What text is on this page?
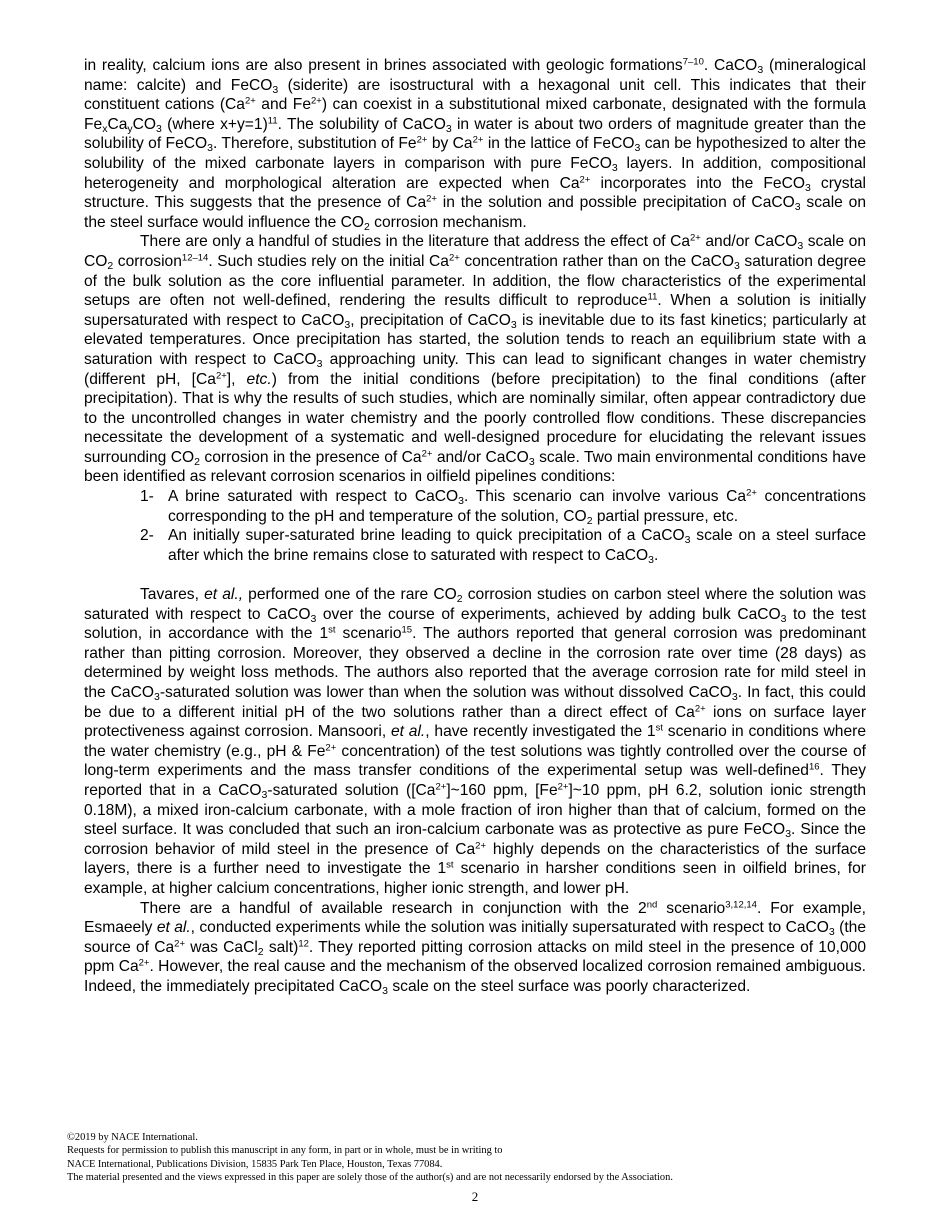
in reality, calcium ions are also present in brines associated with geologic formations$^{7-10}$. CaCO$_3$ (mineralogical name: calcite) and FeCO$_3$ (siderite) are isostructural with a hexagonal unit cell. This indicates that their constituent cations ($Ca^{2+}$ and $Fe^{2+}$) can coexist in a substitutional mixed carbonate, designated with the formula $Fe_xCa_yCO_3$ (where x+y=1)$^{11}$. The solubility of CaCO$_3$ in water is about two orders of magnitude greater than the solubility of FeCO$_3$. Therefore, substitution of $Fe^{2+}$ by $Ca^{2+}$ in the lattice of FeCO$_3$ can be hypothesized to alter the solubility of the mixed carbonate layers in comparison with pure FeCO$_3$ layers. In addition, compositional heterogeneity and morphological alteration are expected when $Ca^{2+}$ incorporates into the FeCO$_3$ crystal structure. This suggests that the presence of $Ca^{2+}$ in the solution and possible precipitation of CaCO$_3$ scale on the steel surface would influence the $CO_2$ corrosion mechanism.

There are only a handful of studies in the literature that address the effect of $Ca^{2+}$ and/or CaCO$_3$ scale on $CO_2$ corrosion$^{12-14}$. Such studies rely on the initial $Ca^{2+}$ concentration rather than on the CaCO$_3$ saturation degree of the bulk solution as the core influential parameter. In addition, the flow characteristics of the experimental setups are often not well-defined, rendering the results difficult to reproduce$^{11}$. When a solution is initially supersaturated with respect to CaCO$_3$, precipitation of CaCO$_3$ is inevitable due to its fast kinetics; particularly at elevated temperatures. Once precipitation has started, the solution tends to reach an equilibrium state with a saturation with respect to CaCO$_3$ approaching unity. This can lead to significant changes in water chemistry (different pH, $[Ca^{2+}]$, etc.) from the initial conditions (before precipitation) to the final conditions (after precipitation). That is why the results of such studies, which are nominally similar, often appear contradictory due to the uncontrolled changes in water chemistry and the poorly controlled flow conditions. These discrepancies necessitate the development of a systematic and well-designed procedure for elucidating the relevant issues surrounding $CO_2$ corrosion in the presence of $Ca^{2+}$ and/or CaCO$_3$ scale. Two main environmental conditions have been identified as relevant corrosion scenarios in oilfield pipelines conditions:

1- A brine saturated with respect to CaCO$_3$. This scenario can involve various $Ca^{2+}$ concentrations corresponding to the pH and temperature of the solution, $CO_2$ partial pressure, etc.
2- An initially super-saturated brine leading to quick precipitation of a CaCO$_3$ scale on a steel surface after which the brine remains close to saturated with respect to CaCO$_3$.

Tavares, et al., performed one of the rare $CO_2$ corrosion studies on carbon steel where the solution was saturated with respect to CaCO$_3$ over the course of experiments, achieved by adding bulk CaCO$_3$ to the test solution, in accordance with the 1st scenario$^{15}$. The authors reported that general corrosion was predominant rather than pitting corrosion. Moreover, they observed a decline in the corrosion rate over time (28 days) as determined by weight loss methods. The authors also reported that the average corrosion rate for mild steel in the CaCO$_3$-saturated solution was lower than when the solution was without dissolved CaCO$_3$. In fact, this could be due to a different initial pH of the two solutions rather than a direct effect of $Ca^{2+}$ ions on surface layer protectiveness against corrosion. Mansoori, et al., have recently investigated the 1st scenario in conditions where the water chemistry (e.g., pH & $Fe^{2+}$ concentration) of the test solutions was tightly controlled over the course of long-term experiments and the mass transfer conditions of the experimental setup was well-defined$^{16}$. They reported that in a CaCO$_3$-saturated solution ($[Ca^{2+}]\sim 160$ ppm, $[Fe^{2+}]\sim 10$ ppm, pH 6.2, solution ionic strength 0.18M), a mixed iron-calcium carbonate, with a mole fraction of iron higher than that of calcium, formed on the steel surface. It was concluded that such an iron-calcium carbonate was as protective as pure FeCO$_3$. Since the corrosion behavior of mild steel in the presence of $Ca^{2+}$ highly depends on the characteristics of the surface layers, there is a further need to investigate the 1st scenario in harsher conditions seen in oilfield brines, for example, at higher calcium concentrations, higher ionic strength, and lower pH.

There are a handful of available research in conjunction with the 2nd scenario$^{3,12,14}$. For example, Esmaeely et al., conducted experiments while the solution was initially supersaturated with respect to CaCO$_3$ (the source of $Ca^{2+}$ was CaCl$_2$ salt)$^{12}$. They reported pitting corrosion attacks on mild steel in the presence of 10,000 ppm $Ca^{2+}$. However, the real cause and the mechanism of the observed localized corrosion remained ambiguous. Indeed, the immediately precipitated CaCO$_3$ scale on the steel surface was poorly characterized.

©2019 by NACE International.
Requests for permission to publish this manuscript in any form, in part or in whole, must be in writing to
NACE International, Publications Division, 15835 Park Ten Place, Houston, Texas 77084.
The material presented and the views expressed in this paper are solely those of the author(s) and are not necessarily endorsed by the Association.
2
